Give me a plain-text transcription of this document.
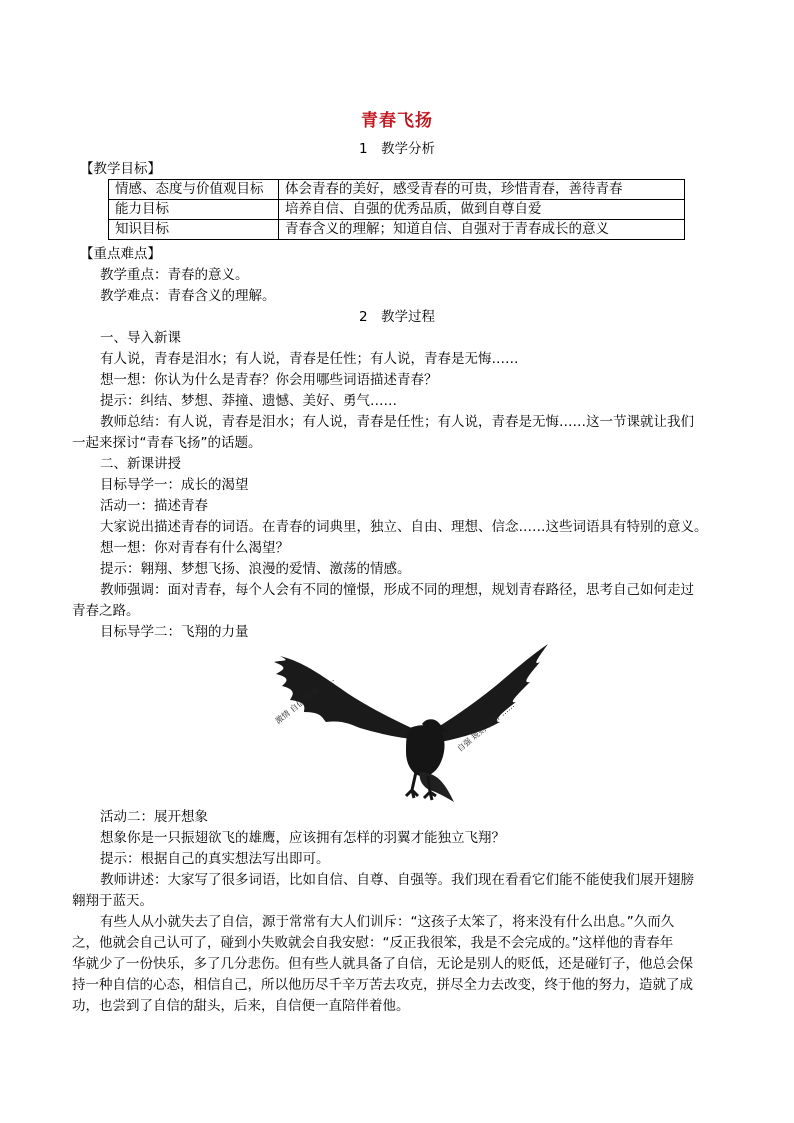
青春飞扬
1　教学分析
【教学目标】
情感、态度与价值观目标	体会青春的美好，感受青春的可贵，珍惜青春，善待青春
能力目标	培养自信、自强的优秀品质，做到自尊自爱
知识目标	青春含义的理解；知道自信、自强对于青春成长的意义
【重点难点】
教学重点：青春的意义。
教学难点：青春含义的理解。
2　教学过程
一、导入新课
有人说，青春是泪水；有人说，青春是任性；有人说，青春是无悔……
想一想：你认为什么是青春？你会用哪些词语描述青春？
提示：纠结、梦想、莽撞、遗憾、美好、勇气……
教师总结：有人说，青春是泪水；有人说，青春是任性；有人说，青春是无悔……这一节课就让我们
一起来探讨“青春飞扬”的话题。
二、新课讲授
目标导学一：成长的渴望
活动一：描述青春
大家说出描述青春的词语。在青春的词典里，独立、自由、理想、信念……这些词语具有特别的意义。
想一想：你对青春有什么渴望？
提示：翱翔、梦想飞扬、浪漫的爱情、激荡的情感。
教师强调：面对青春，每个人会有不同的憧憬，形成不同的理想，规划青春路径，思考自己如何走过
青春之路。
目标导学二：飞翔的力量
激情 自信 自尊 ……
自强 规则 宽容 ……
活动二：展开想象
想象你是一只振翅欲飞的雄鹰，应该拥有怎样的羽翼才能独立飞翔？
提示：根据自己的真实想法写出即可。
教师讲述：大家写了很多词语，比如自信、自尊、自强等。我们现在看看它们能不能使我们展开翅膀
翱翔于蓝天。
有些人从小就失去了自信，源于常常有大人们训斥：“这孩子太笨了，将来没有什么出息。”久而久
之，他就会自己认可了，碰到小失败就会自我安慰：“反正我很笨，我是不会完成的。”这样他的青春年
华就少了一份快乐，多了几分悲伤。但有些人就具备了自信，无论是别人的贬低，还是碰钉子，他总会保
持一种自信的心态，相信自己，所以他历尽千辛万苦去攻克，拼尽全力去改变，终于他的努力，造就了成
功，也尝到了自信的甜头，后来，自信便一直陪伴着他。
